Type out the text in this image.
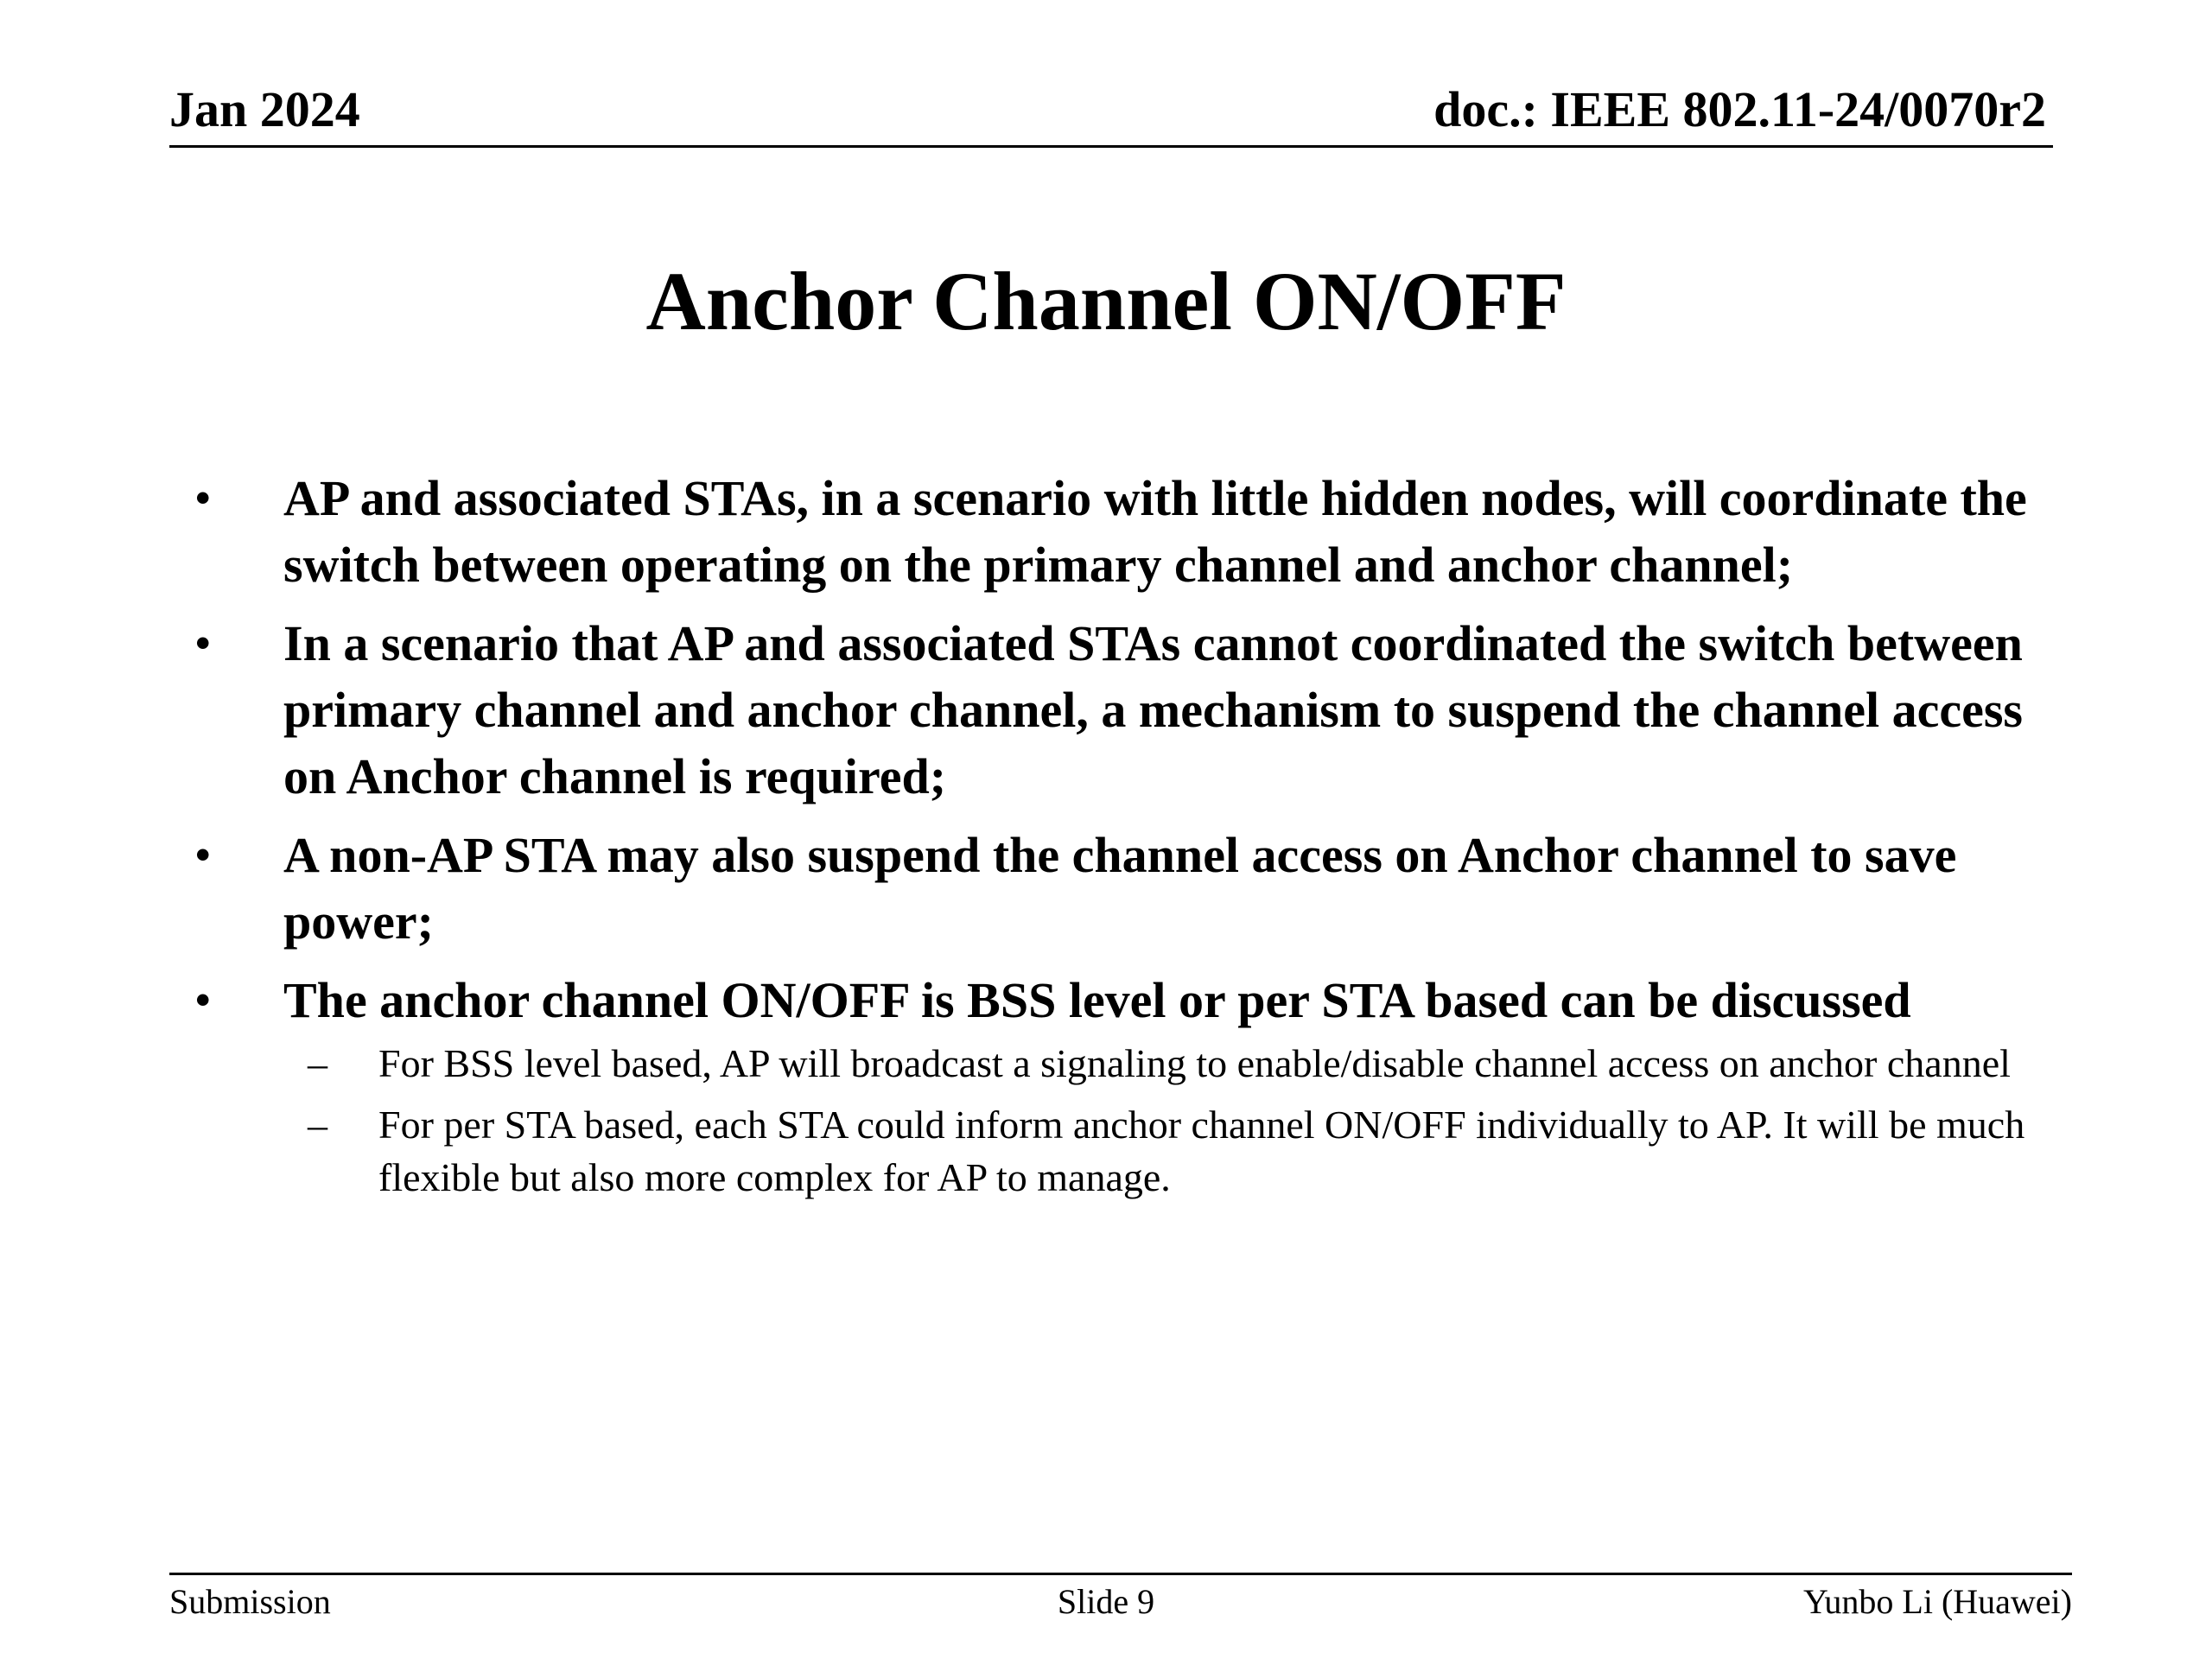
Jan 2024	doc.: IEEE 802.11-24/0070r2
Anchor Channel ON/OFF
• AP and associated STAs, in a scenario with little hidden nodes, will coordinate the switch between operating on the primary channel and anchor channel;
• In a scenario that AP and associated STAs cannot coordinated the switch between primary channel and anchor channel, a mechanism to suspend the channel access on Anchor channel is required;
• A non-AP STA may also suspend the channel access on Anchor channel to save power;
• The anchor channel ON/OFF is BSS level or per STA based can be discussed
– For BSS level based, AP will broadcast a signaling to enable/disable channel access on anchor channel
– For per STA based, each STA could inform anchor channel ON/OFF individually to AP. It will be much flexible but also more complex for AP to manage.
Submission	Slide 9	Yunbo Li (Huawei)
